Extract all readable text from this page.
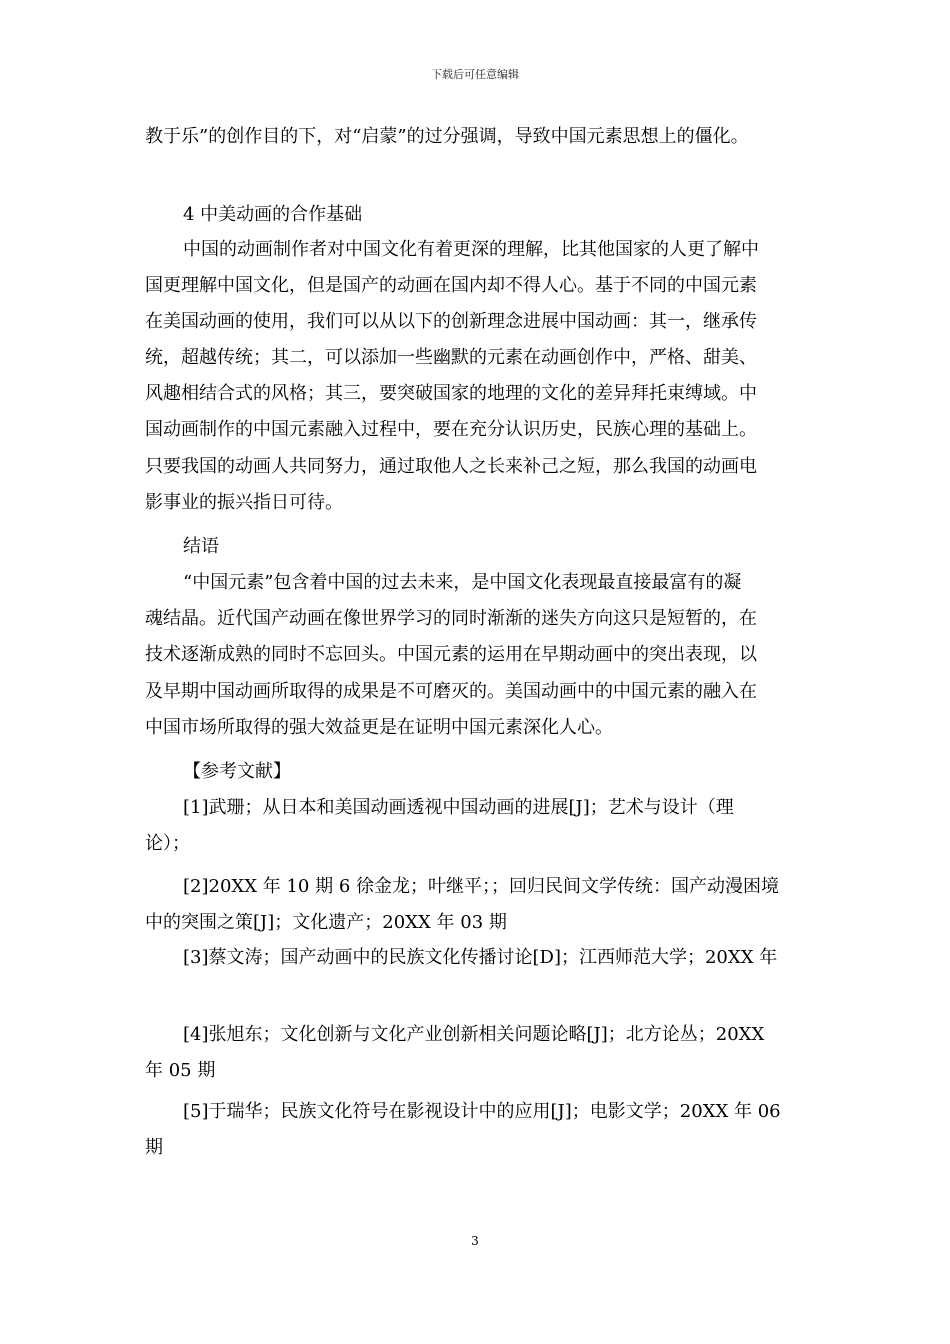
下载后可任意编辑
教于乐”的创作目的下，对“启蒙”的过分强调，导致中国元素思想上的僵化。
4 中美动画的合作基础
中国的动画制作者对中国文化有着更深的理解，比其他国家的人更了解中
国更理解中国文化，但是国产的动画在国内却不得人心。基于不同的中国元素
在美国动画的使用，我们可以从以下的创新理念进展中国动画：其一，继承传
统，超越传统；其二，可以添加一些幽默的元素在动画创作中，严格、甜美、
风趣相结合式的风格；其三，要突破国家的地理的文化的差异拜托束缚域。中
国动画制作的中国元素融入过程中，要在充分认识历史，民族心理的基础上。
只要我国的动画人共同努力，通过取他人之长来补己之短，那么我国的动画电
影事业的振兴指日可待。
结语
“中国元素”包含着中国的过去未来，是中国文化表现最直接最富有的凝
魂结晶。近代国产动画在像世界学习的同时渐渐的迷失方向这只是短暂的，在
技术逐渐成熟的同时不忘回头。中国元素的运用在早期动画中的突出表现，以
及早期中国动画所取得的成果是不可磨灭的。美国动画中的中国元素的融入在
中国市场所取得的强大效益更是在证明中国元素深化人心。
【参考文献】
[1]武珊；从日本和美国动画透视中国动画的进展[J]；艺术与设计（理
论）；
[2]20XX 年 10 期 6 徐金龙；叶继平；；回归民间文学传统：国产动漫困境
中的突围之策[J]；文化遗产；20XX 年 03 期
[3]蔡文涛；国产动画中的民族文化传播讨论[D]；江西师范大学；20XX 年
[4]张旭东；文化创新与文化产业创新相关问题论略[J]；北方论丛；20XX
年 05 期
[5]于瑞华；民族文化符号在影视设计中的应用[J]；电影文学；20XX 年 06
期
3
